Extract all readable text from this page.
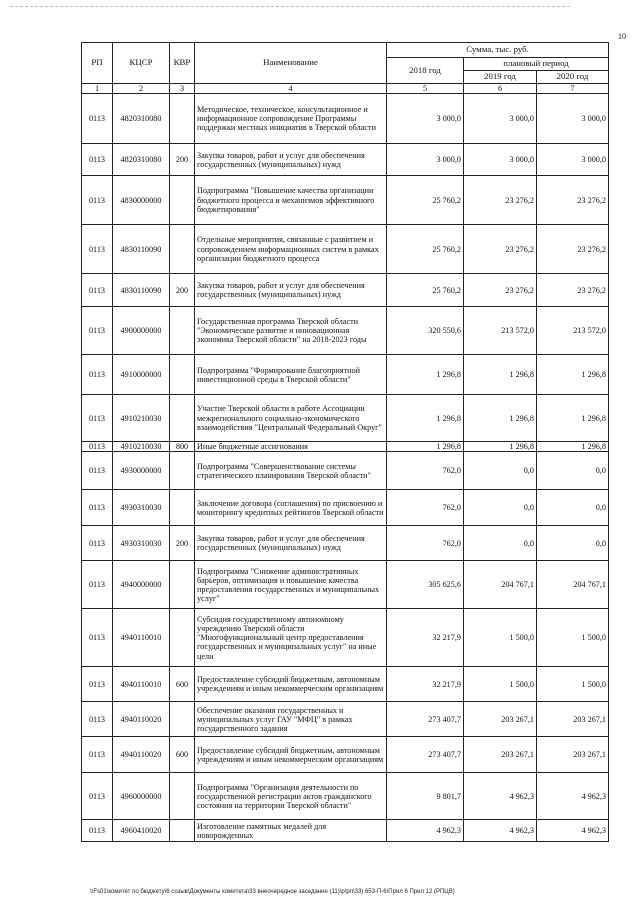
10
РП	КЦСР	КВР	Наименование	Сумма, тыс. руб.		
				2018 год	плановый период	
					2019 год	2020 год
1	2	3	4	5	6	7
0113	4820310080		Методическое, техническое, консультационное и информационное сопровождение Программы поддержки местных инициатив в Тверской области	3 000,0	3 000,0	3 000,0
0113	4820310080	200	Закупка товаров, работ и услуг для обеспечения государственных (муниципальных) нужд	3 000,0	3 000,0	3 000,0
0113	4830000000		Подпрограмма "Повышение качества организации бюджетного процесса и механизмов эффективного бюджетирования"	25 760,2	23 276,2	23 276,2
0113	4830110090		Отдельные мероприятия, связанные с развитием и сопровождением информационных систем в рамках организации бюджетного процесса	25 760,2	23 276,2	23 276,2
0113	4830110090	200	Закупка товаров, работ и услуг для обеспечения государственных (муниципальных) нужд	25 760,2	23 276,2	23 276,2
0113	4900000000		Государственная программа Тверской области "Экономическое развитие и инновационная экономика Тверской области" на 2018-2023 годы	320 550,6	213 572,0	213 572,0
0113	4910000000		Подпрограмма "Формирование благоприятной инвестиционной среды в Тверской области"	1 296,8	1 296,8	1 296,8
0113	4910210030		Участие Тверской области в работе Ассоциации межрегионального социально-экономического взаимодействия "Центральный Федеральный Округ"	1 296,8	1 296,8	1 296,8
0113	4910210030	800	Иные бюджетные ассигнования	1 296,8	1 296,8	1 296,8
0113	4930000000		Подпрограмма "Совершенствование системы стратегического планирования Тверской области"	762,0	0,0	0,0
0113	4930310030		Заключение договора (соглашения) по присвоению и мониторингу кредитных рейтингов Тверской области	762,0	0,0	0,0
0113	4930310030	200	Закупка товаров, работ и услуг для обеспечения государственных (муниципальных) нужд	762,0	0,0	0,0
0113	4940000000		Подпрограмма "Снижение административных барьеров, оптимизация и повышение качества предоставления государственных и муниципальных услуг"	305 625,6	204 767,1	204 767,1
0113	4940110010		Субсидия государственному автономному учреждению Тверской области "Многофункциональный центр предоставления государственных и муниципальных услуг" на иные цели	32 217,9	1 500,0	1 500,0
0113	4940110010	600	Предоставление субсидий бюджетным, автономным учреждениям и иным некоммерческим организациям	32 217,9	1 500,0	1 500,0
0113	4940110020		Обеспечение оказания государственных и муниципальных услуг ГАУ "МФЦ" в рамках государственного задания	273 407,7	203 267,1	203 267,1
0113	4940110020	600	Предоставление субсидий бюджетным, автономным учреждениям и иным некоммерческим организациям	273 407,7	203 267,1	203 267,1
0113	4960000000		Подпрограмма "Организация деятельности по государственной регистрации актов гражданского состояния на территории Тверской области"	9 801,7	4 962,3	4 962,3
0113	4960410020		Изготовление памятных медалей для новорожденных	4 962,3	4 962,3	4 962,3
\\Fs01\комитет по бюджету\6 созыв\Документы комитета\33 внеочередное заседание (11)\р\рп\33) 653-П-6\Прил 6 Прил 12 (РПЦВ)
